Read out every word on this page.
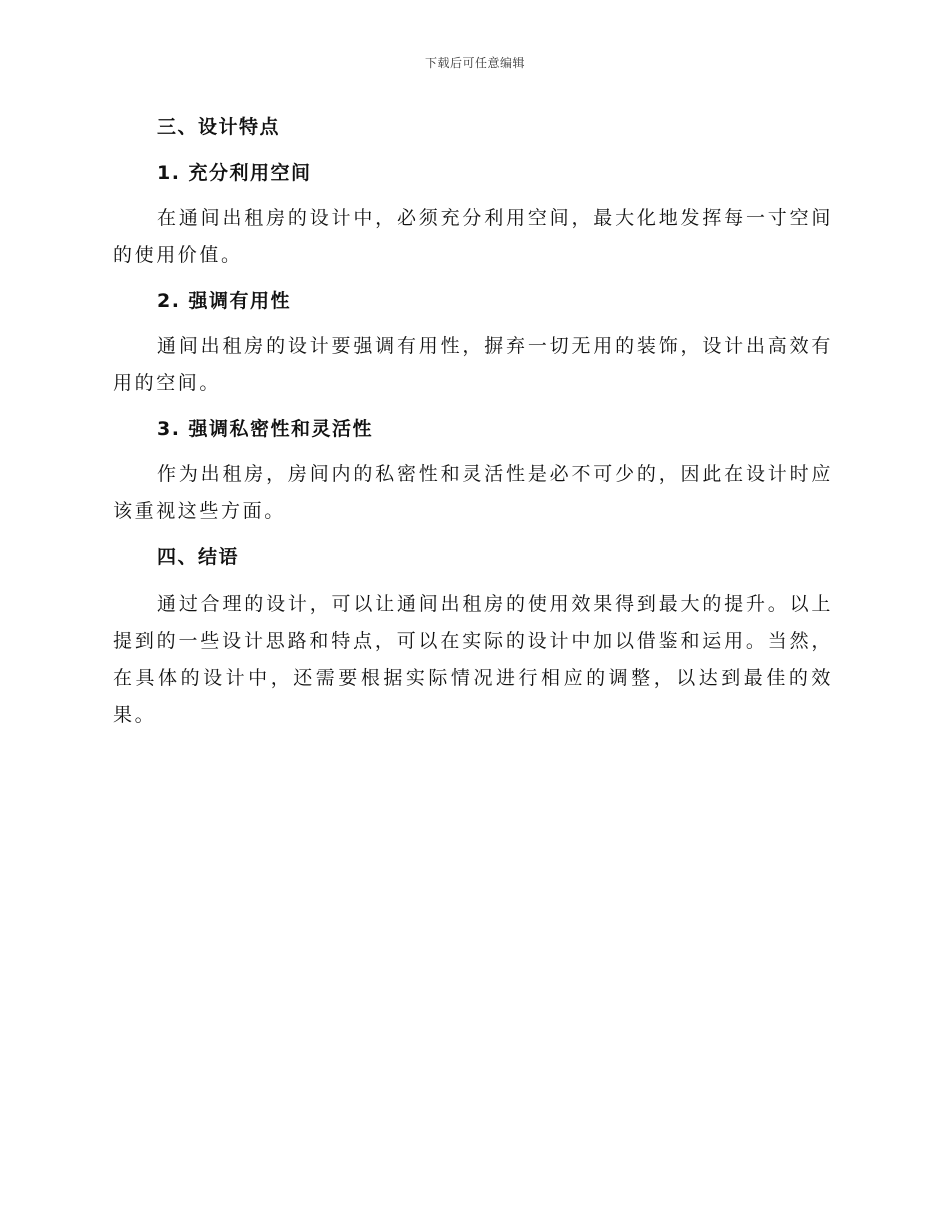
下载后可任意编辑
三、设计特点
1. 充分利用空间

在通间出租房的设计中，必须充分利用空间，最大化地发挥每一寸空间的使用价值。

2. 强调有用性

通间出租房的设计要强调有用性，摒弃一切无用的装饰，设计出高效有用的空间。

3. 强调私密性和灵活性

作为出租房，房间内的私密性和灵活性是必不可少的，因此在设计时应该重视这些方面。

四、结语

通过合理的设计，可以让通间出租房的使用效果得到最大的提升。以上提到的一些设计思路和特点，可以在实际的设计中加以借鉴和运用。当然，在具体的设计中，还需要根据实际情况进行相应的调整，以达到最佳的效果。
